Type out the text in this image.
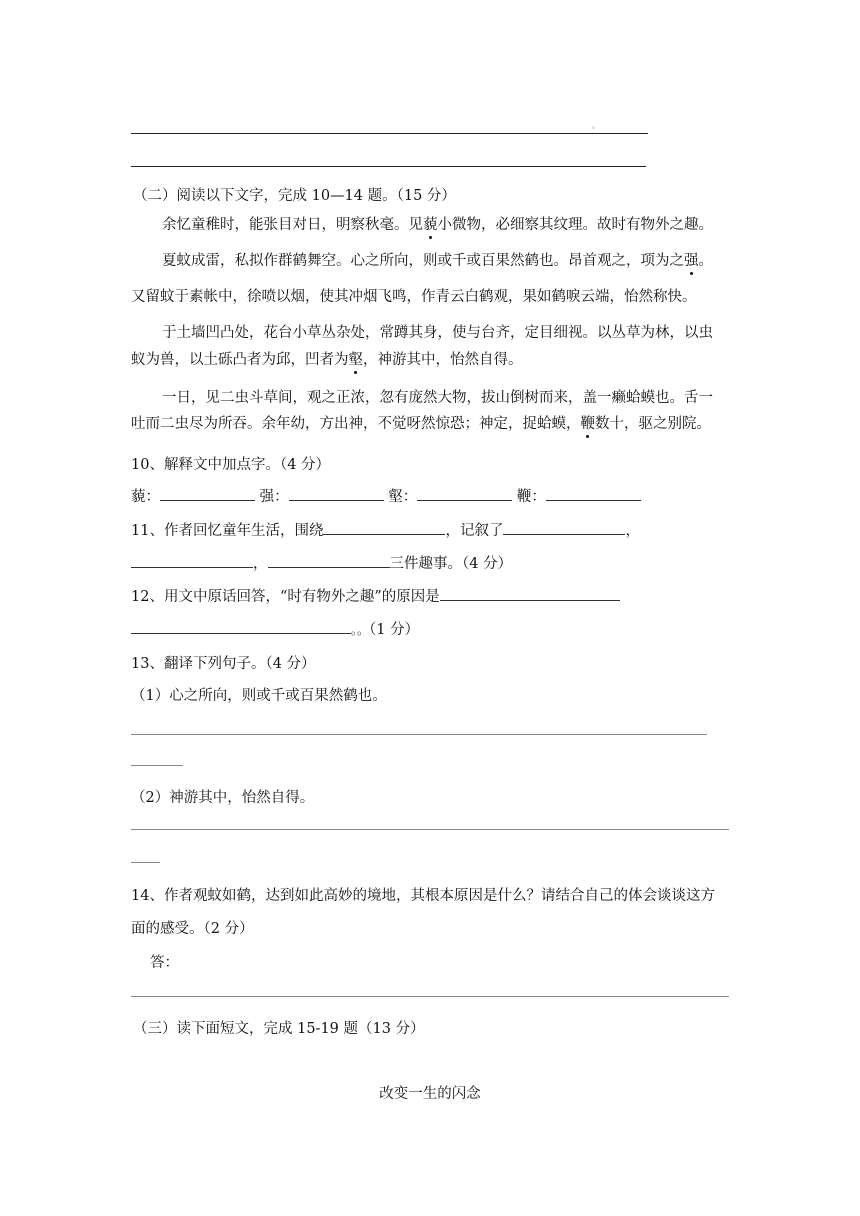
。
（二）阅读以下文字，完成 10—14 题。（15 分）
余忆童稚时，能张目对日，明察秋毫。见藐小微物，必细察其纹理。故时有物外之趣。
夏蚊成雷，私拟作群鹤舞空。心之所向，则或千或百果然鹤也。昂首观之，项为之强。
又留蚊于素帐中，徐喷以烟，使其冲烟飞鸣，作青云白鹤观，果如鹤唳云端，怡然称快。
于土墙凹凸处，花台小草丛杂处，常蹲其身，使与台齐，定目细视。以丛草为林，以虫
蚁为兽，以土砾凸者为邱，凹者为壑，神游其中，怡然自得。
一日，见二虫斗草间，观之正浓，忽有庞然大物，拔山倒树而来，盖一癞蛤蟆也。舌一
吐而二虫尽为所吞。余年幼，方出神，不觉呀然惊恐；神定，捉蛤蟆，鞭数十，驱之别院。
10、解释文中加点字。（4 分）
藐：	强：	壑：	鞭：
11、作者回忆童年生活，围绕	，记叙了	，
，	三件趣事。（4 分）
12、用文中原话回答，“时有物外之趣”的原因是
。。（1 分）
13、翻译下列句子。（4 分）
（1）心之所向，则或千或百果然鹤也。
（2）神游其中，怡然自得。
14、作者观蚊如鹤，达到如此高妙的境地，其根本原因是什么？请结合自己的体会谈谈这方
面的感受。（2 分）
答：
（三）读下面短文，完成 15-19 题（13 分）
改变一生的闪念
